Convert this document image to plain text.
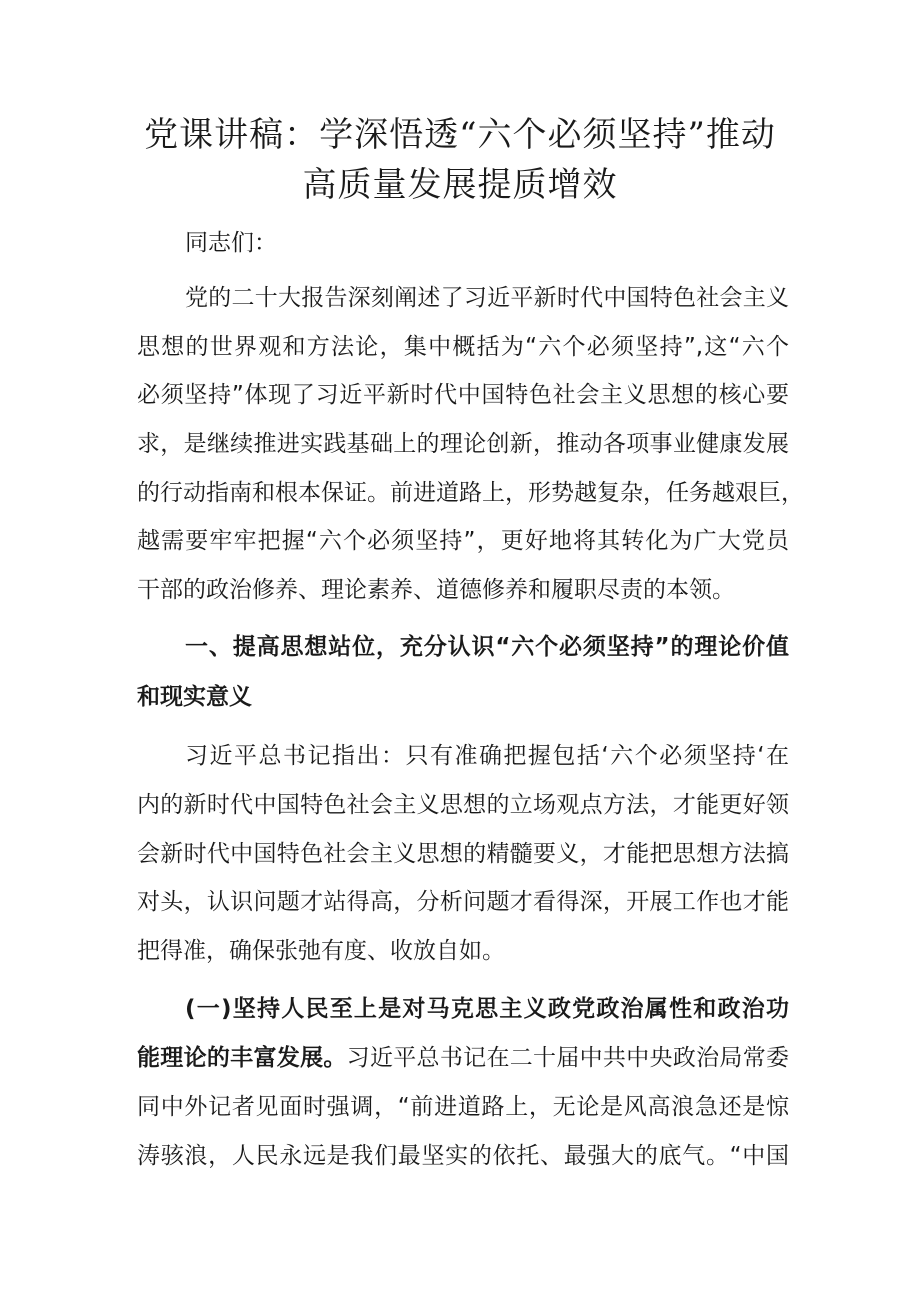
党课讲稿：学深悟透“六个必须坚持”推动
高质量发展提质增效
同志们：
党的二十大报告深刻阐述了习近平新时代中国特色社会主义
思想的世界观和方法论，集中概括为“六个必须坚持”,这“六个
必须坚持”体现了习近平新时代中国特色社会主义思想的核心要
求，是继续推进实践基础上的理论创新，推动各项事业健康发展
的行动指南和根本保证。前进道路上，形势越复杂，任务越艰巨，
越需要牢牢把握“六个必须坚持”，更好地将其转化为广大党员
干部的政治修养、理论素养、道德修养和履职尽责的本领。
一、提高思想站位，充分认识“六个必须坚持”的理论价值
和现实意义
习近平总书记指出：只有准确把握包括‘六个必须坚持‘在
内的新时代中国特色社会主义思想的立场观点方法，才能更好领
会新时代中国特色社会主义思想的精髓要义，才能把思想方法搞
对头，认识问题才站得高，分析问题才看得深，开展工作也才能
把得准，确保张弛有度、收放自如。
(一)坚持人民至上是对马克思主义政党政治属性和政治功
能理论的丰富发展。习近平总书记在二十届中共中央政治局常委
同中外记者见面时强调，“前进道路上，无论是风高浪急还是惊
涛骇浪，人民永远是我们最坚实的依托、最强大的底气。“中国
